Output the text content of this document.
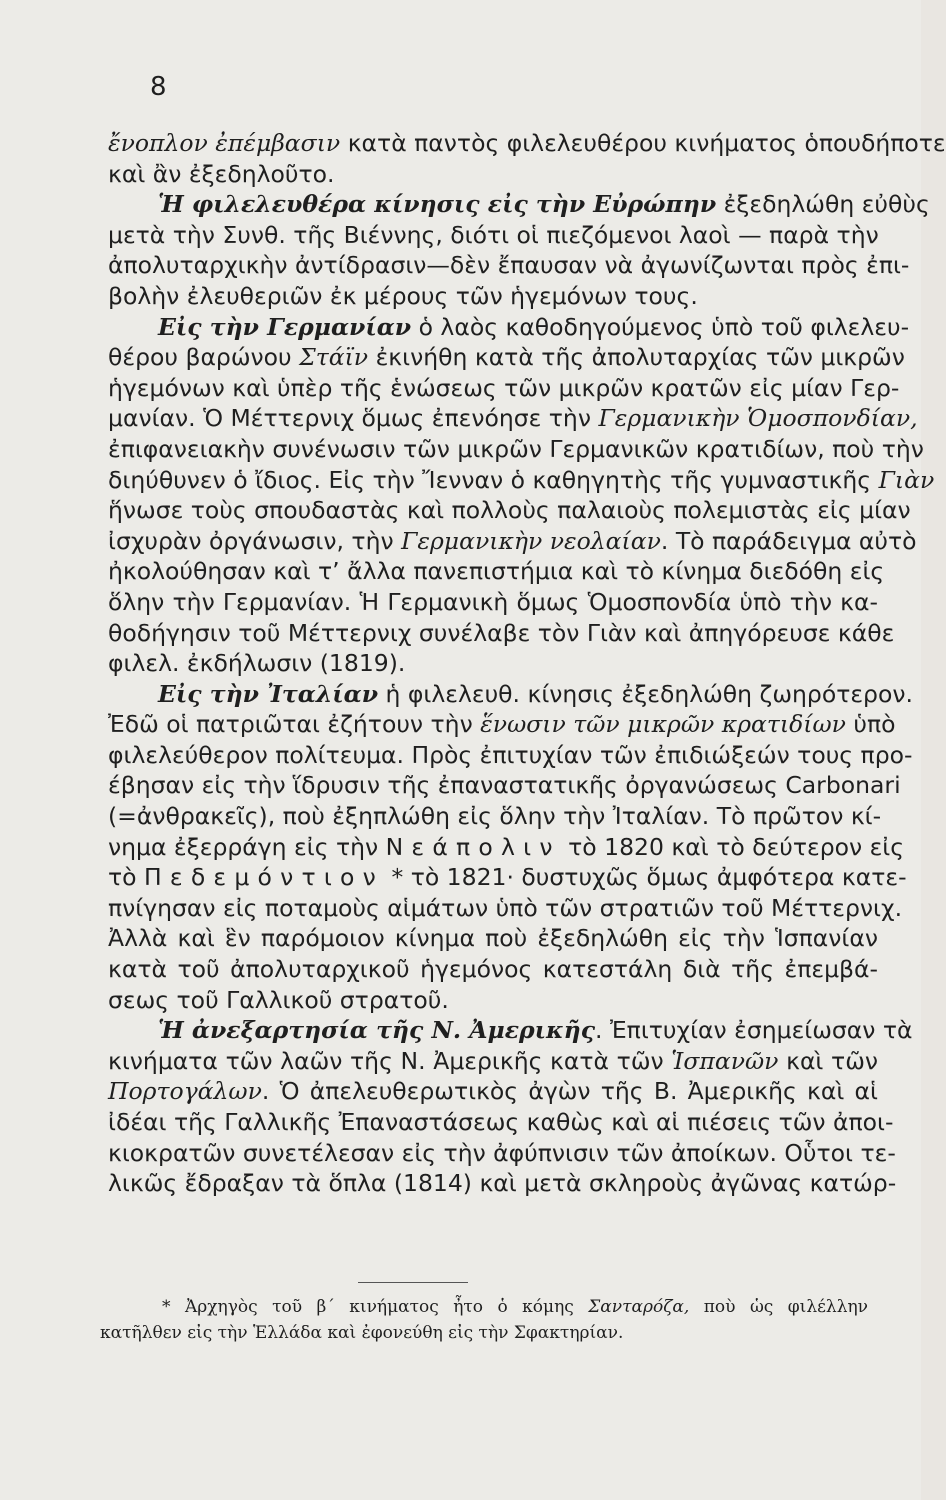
8
ἔνοπλον ἐπέμβασιν κατὰ παντὸς φιλελευθέρου κινήματος ὁπουδήποτε
καὶ ἂν ἐξεδηλοῦτο.
Ἡ φιλελευθέρα κίνησις εἰς τὴν Εὐρώπην ἐξεδηλώθη εὐθὺς
μετὰ τὴν Συνθ. τῆς Βιέννης, διότι οἱ πιεζόμενοι λαοὶ — παρὰ τὴν
ἀπολυταρχικὴν ἀντίδρασιν—δὲν ἔπαυσαν νὰ ἀγωνίζωνται πρὸς ἐπι-
βολὴν ἐλευθεριῶν ἐκ μέρους τῶν ἡγεμόνων τους.
Εἰς τὴν Γερμανίαν ὁ λαὸς καθοδηγούμενος ὑπὸ τοῦ φιλελευ-
θέρου βαρώνου Στάϊν ἐκινήθη κατὰ τῆς ἀπολυταρχίας τῶν μικρῶν
ἡγεμόνων καὶ ὑπὲρ τῆς ἑνώσεως τῶν μικρῶν κρατῶν εἰς μίαν Γερ-
μανίαν. Ὁ Μέττερνιχ ὅμως ἐπενόησε τὴν Γερμανικὴν Ὁμοσπονδίαν,
ἐπιφανειακὴν συνένωσιν τῶν μικρῶν Γερμανικῶν κρατιδίων, ποὺ τὴν
διηύθυνεν ὁ ἴδιος. Εἰς τὴν Ἴενναν ὁ καθηγητὴς τῆς γυμναστικῆς Γιὰν
ἥνωσε τοὺς σπουδαστὰς καὶ πολλοὺς παλαιοὺς πολεμιστὰς εἰς μίαν
ἰσχυρὰν ὀργάνωσιν, τὴν Γερμανικὴν νεολαίαν. Τὸ παράδειγμα αὐτὸ
ἠκολούθησαν καὶ τ’ ἄλλα πανεπιστήμια καὶ τὸ κίνημα διεδόθη εἰς
ὅλην τὴν Γερμανίαν. Ἡ Γερμανικὴ ὅμως Ὁμοσπονδία ὑπὸ τὴν κα-
θοδήγησιν τοῦ Μέττερνιχ συνέλαβε τὸν Γιὰν καὶ ἀπηγόρευσε κάθε
φιλελ. ἐκδήλωσιν (1819).
Εἰς τὴν Ἰταλίαν ἡ φιλελευθ. κίνησις ἐξεδηλώθη ζωηρότερον.
Ἐδῶ οἱ πατριῶται ἐζήτουν τὴν ἕνωσιν τῶν μικρῶν κρατιδίων ὑπὸ
φιλελεύθερον πολίτευμα. Πρὸς ἐπιτυχίαν τῶν ἐπιδιώξεών τους προ-
έβησαν εἰς τὴν ἵδρυσιν τῆς ἐπαναστατικῆς ὀργανώσεως Carbonari
(=ἀνθρακεῖς), ποὺ ἐξηπλώθη εἰς ὅλην τὴν Ἰταλίαν. Τὸ πρῶτον κί-
νημα ἐξερράγη εἰς τὴν Νεάπολιν τὸ 1820 καὶ τὸ δεύτερον εἰς
τὸ Πεδεμόντιον * τὸ 1821· δυστυχῶς ὅμως ἀμφότερα κατε-
πνίγησαν εἰς ποταμοὺς αἱμάτων ὑπὸ τῶν στρατιῶν τοῦ Μέττερνιχ.
Ἀλλὰ καὶ ἓν παρόμοιον κίνημα ποὺ ἐξεδηλώθη εἰς τὴν Ἱσπανίαν
κατὰ τοῦ ἀπολυταρχικοῦ ἡγεμόνος κατεστάλη διὰ τῆς ἐπεμβά-
σεως τοῦ Γαλλικοῦ στρατοῦ.
Ἡ ἀνεξαρτησία τῆς Ν. Ἀμερικῆς. Ἐπιτυχίαν ἐσημείωσαν τὰ
κινήματα τῶν λαῶν τῆς Ν. Ἀμερικῆς κατὰ τῶν Ἱσπανῶν καὶ τῶν
Πορτογάλων. Ὁ ἀπελευθερωτικὸς ἀγὼν τῆς Β. Ἀμερικῆς καὶ αἱ
ἰδέαι τῆς Γαλλικῆς Ἐπαναστάσεως καθὼς καὶ αἱ πιέσεις τῶν ἀποι-
κιοκρατῶν συνετέλεσαν εἰς τὴν ἀφύπνισιν τῶν ἀποίκων. Οὗτοι τε-
λικῶς ἔδραξαν τὰ ὅπλα (1814) καὶ μετὰ σκληροὺς ἀγῶνας κατώρ-
* Ἀρχηγὸς τοῦ β΄ κινήματος ἦτο ὁ κόμης Σανταρόζα, ποὺ ὡς φιλέλλην
κατῆλθεν εἰς τὴν Ἑλλάδα καὶ ἐφονεύθη εἰς τὴν Σφακτηρίαν.
